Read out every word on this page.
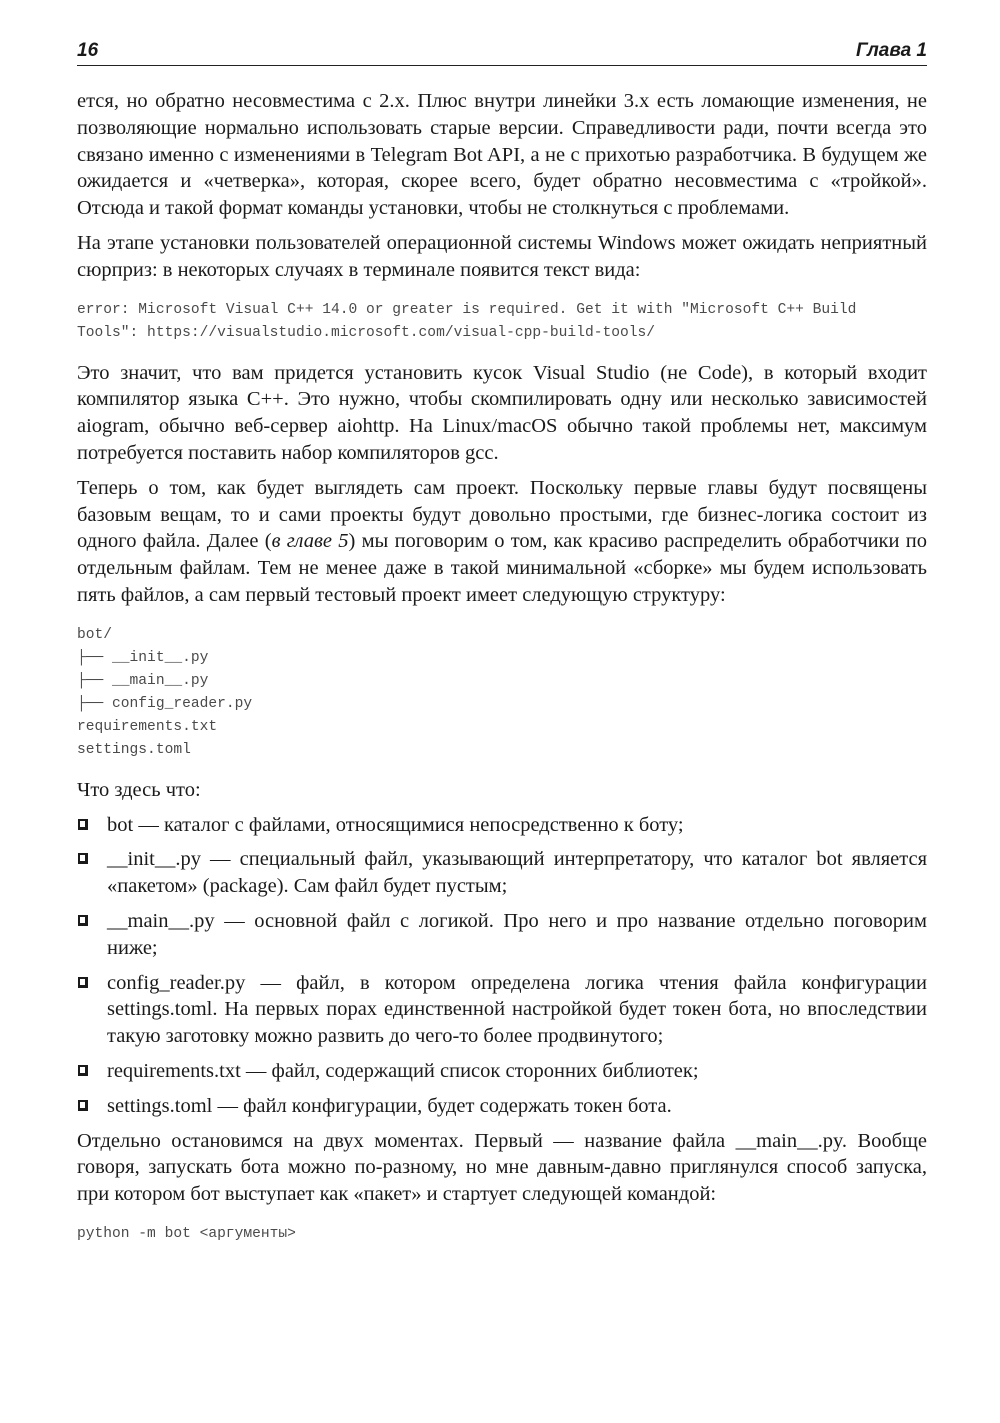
16	Глава 1

ется, но обратно несовместима с 2.x. Плюс внутри линейки 3.x есть ломающие изменения, не позволяющие нормально использовать старые версии. Справедливости ради, почти всегда это связано именно с изменениями в Telegram Bot API, а не с прихотью разработчика. В будущем же ожидается и «четверка», которая, скорее всего, будет обратно несовместима с «тройкой». Отсюда и такой формат команды установки, чтобы не столкнуться с проблемами.

На этапе установки пользователей операционной системы Windows может ожидать неприятный сюрприз: в некоторых случаях в терминале появится текст вида:

error: Microsoft Visual C++ 14.0 or greater is required. Get it with "Microsoft C++ Build
Tools": https://visualstudio.microsoft.com/visual-cpp-build-tools/

Это значит, что вам придется установить кусок Visual Studio (не Code), в который входит компилятор языка C++. Это нужно, чтобы скомпилировать одну или несколько зависимостей aiogram, обычно веб-сервер aiohttp. На Linux/macOS обычно такой проблемы нет, максимум потребуется поставить набор компиляторов gcc.

Теперь о том, как будет выглядеть сам проект. Поскольку первые главы будут посвящены базовым вещам, то и сами проекты будут довольно простыми, где бизнес-логика состоит из одного файла. Далее (в главе 5) мы поговорим о том, как красиво распределить обработчики по отдельным файлам. Тем не менее даже в такой минимальной «сборке» мы будем использовать пять файлов, а сам первый тестовый проект имеет следующую структуру:

bot/
├── __init__.py
├── __main__.py
├── config_reader.py
requirements.txt
settings.toml

Что здесь что:

bot — каталог с файлами, относящимися непосредственно к боту;
__init__.py — специальный файл, указывающий интерпретатору, что каталог bot является «пакетом» (package). Сам файл будет пустым;
__main__.py — основной файл с логикой. Про него и про название отдельно поговорим ниже;
config_reader.py — файл, в котором определена логика чтения файла конфигурации settings.toml. На первых порах единственной настройкой будет токен бота, но впоследствии такую заготовку можно развить до чего-то более продвинутого;
requirements.txt — файл, содержащий список сторонних библиотек;
settings.toml — файл конфигурации, будет содержать токен бота.

Отдельно остановимся на двух моментах. Первый — название файла __main__.py. Вообще говоря, запускать бота можно по-разному, но мне давным-давно приглянулся способ запуска, при котором бот выступает как «пакет» и стартует следующей командой:

python -m bot <аргументы>
